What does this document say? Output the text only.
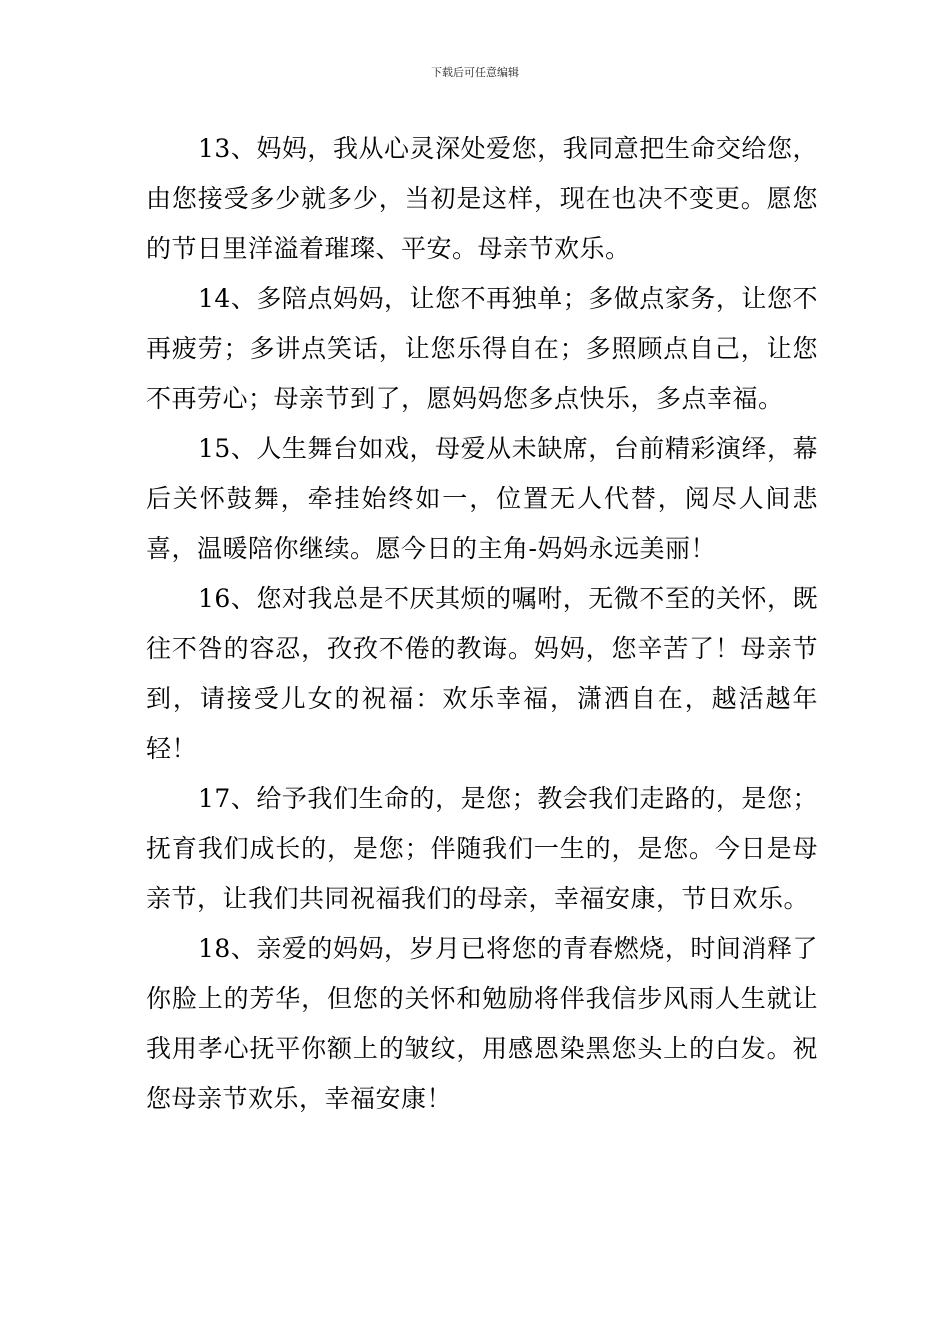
下载后可任意编辑

13、妈妈，我从心灵深处爱您，我同意把生命交给您，由您接受多少就多少，当初是这样，现在也决不变更。愿您的节日里洋溢着璀璨、平安。母亲节欢乐。

14、多陪点妈妈，让您不再独单；多做点家务，让您不再疲劳；多讲点笑话，让您乐得自在；多照顾点自己，让您不再劳心；母亲节到了，愿妈妈您多点快乐，多点幸福。

15、人生舞台如戏，母爱从未缺席，台前精彩演绎，幕后关怀鼓舞，牵挂始终如一，位置无人代替，阅尽人间悲喜，温暖陪你继续。愿今日的主角-妈妈永远美丽！

16、您对我总是不厌其烦的嘱咐，无微不至的关怀，既往不咎的容忍，孜孜不倦的教诲。妈妈，您辛苦了！母亲节到，请接受儿女的祝福：欢乐幸福，潇洒自在，越活越年轻！

17、给予我们生命的，是您；教会我们走路的，是您；抚育我们成长的，是您；伴随我们一生的，是您。今日是母亲节，让我们共同祝福我们的母亲，幸福安康，节日欢乐。

18、亲爱的妈妈，岁月已将您的青春燃烧，时间消释了你脸上的芳华，但您的关怀和勉励将伴我信步风雨人生就让我用孝心抚平你额上的皱纹，用感恩染黑您头上的白发。祝您母亲节欢乐，幸福安康！
